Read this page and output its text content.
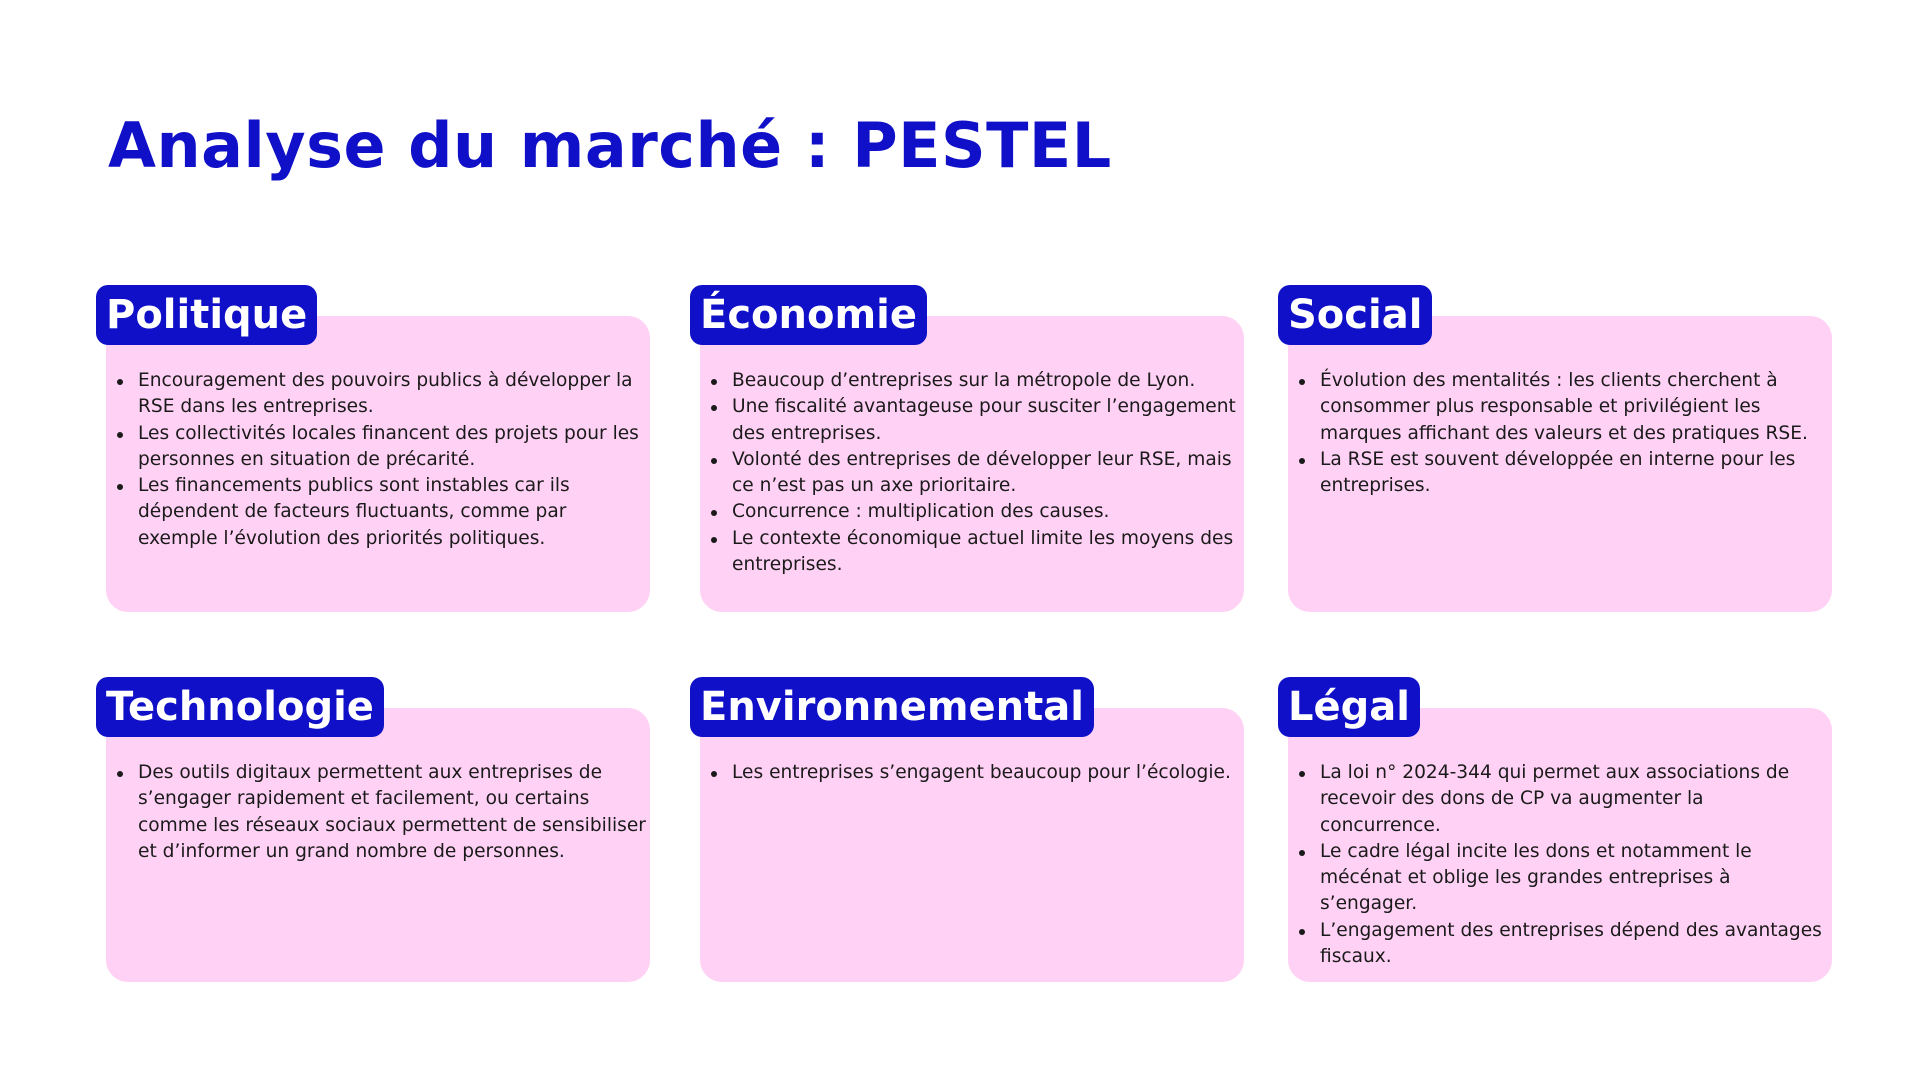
Analyse du marché : PESTEL
Politique
Encouragement des pouvoirs publics à développer la RSE dans les entreprises.
Les collectivités locales financent des projets pour les personnes en situation de précarité.
Les financements publics sont instables car ils dépendent de facteurs fluctuants, comme par exemple l’évolution des priorités politiques.
Économie
Beaucoup d’entreprises sur la métropole de Lyon.
Une fiscalité avantageuse pour susciter l’engagement des entreprises.
Volonté des entreprises de développer leur RSE, mais ce n’est pas un axe prioritaire.
Concurrence : multiplication des causes.
Le contexte économique actuel limite les moyens des entreprises.
Social
Évolution des mentalités : les clients cherchent à consommer plus responsable et privilégient les marques affichant des valeurs et des pratiques RSE.
La RSE est souvent développée en interne pour les entreprises.
Technologie
Des outils digitaux permettent aux entreprises de s’engager rapidement et facilement, ou certains comme les réseaux sociaux permettent de sensibiliser et d’informer un grand nombre de personnes.
Environnemental
Les entreprises s’engagent beaucoup pour l’écologie.
Légal
La loi n° 2024-344 qui permet aux associations de recevoir des dons de CP va augmenter la concurrence.
Le cadre légal incite les dons et notamment le mécénat et oblige les grandes entreprises à s’engager.
L’engagement des entreprises dépend des avantages fiscaux.
